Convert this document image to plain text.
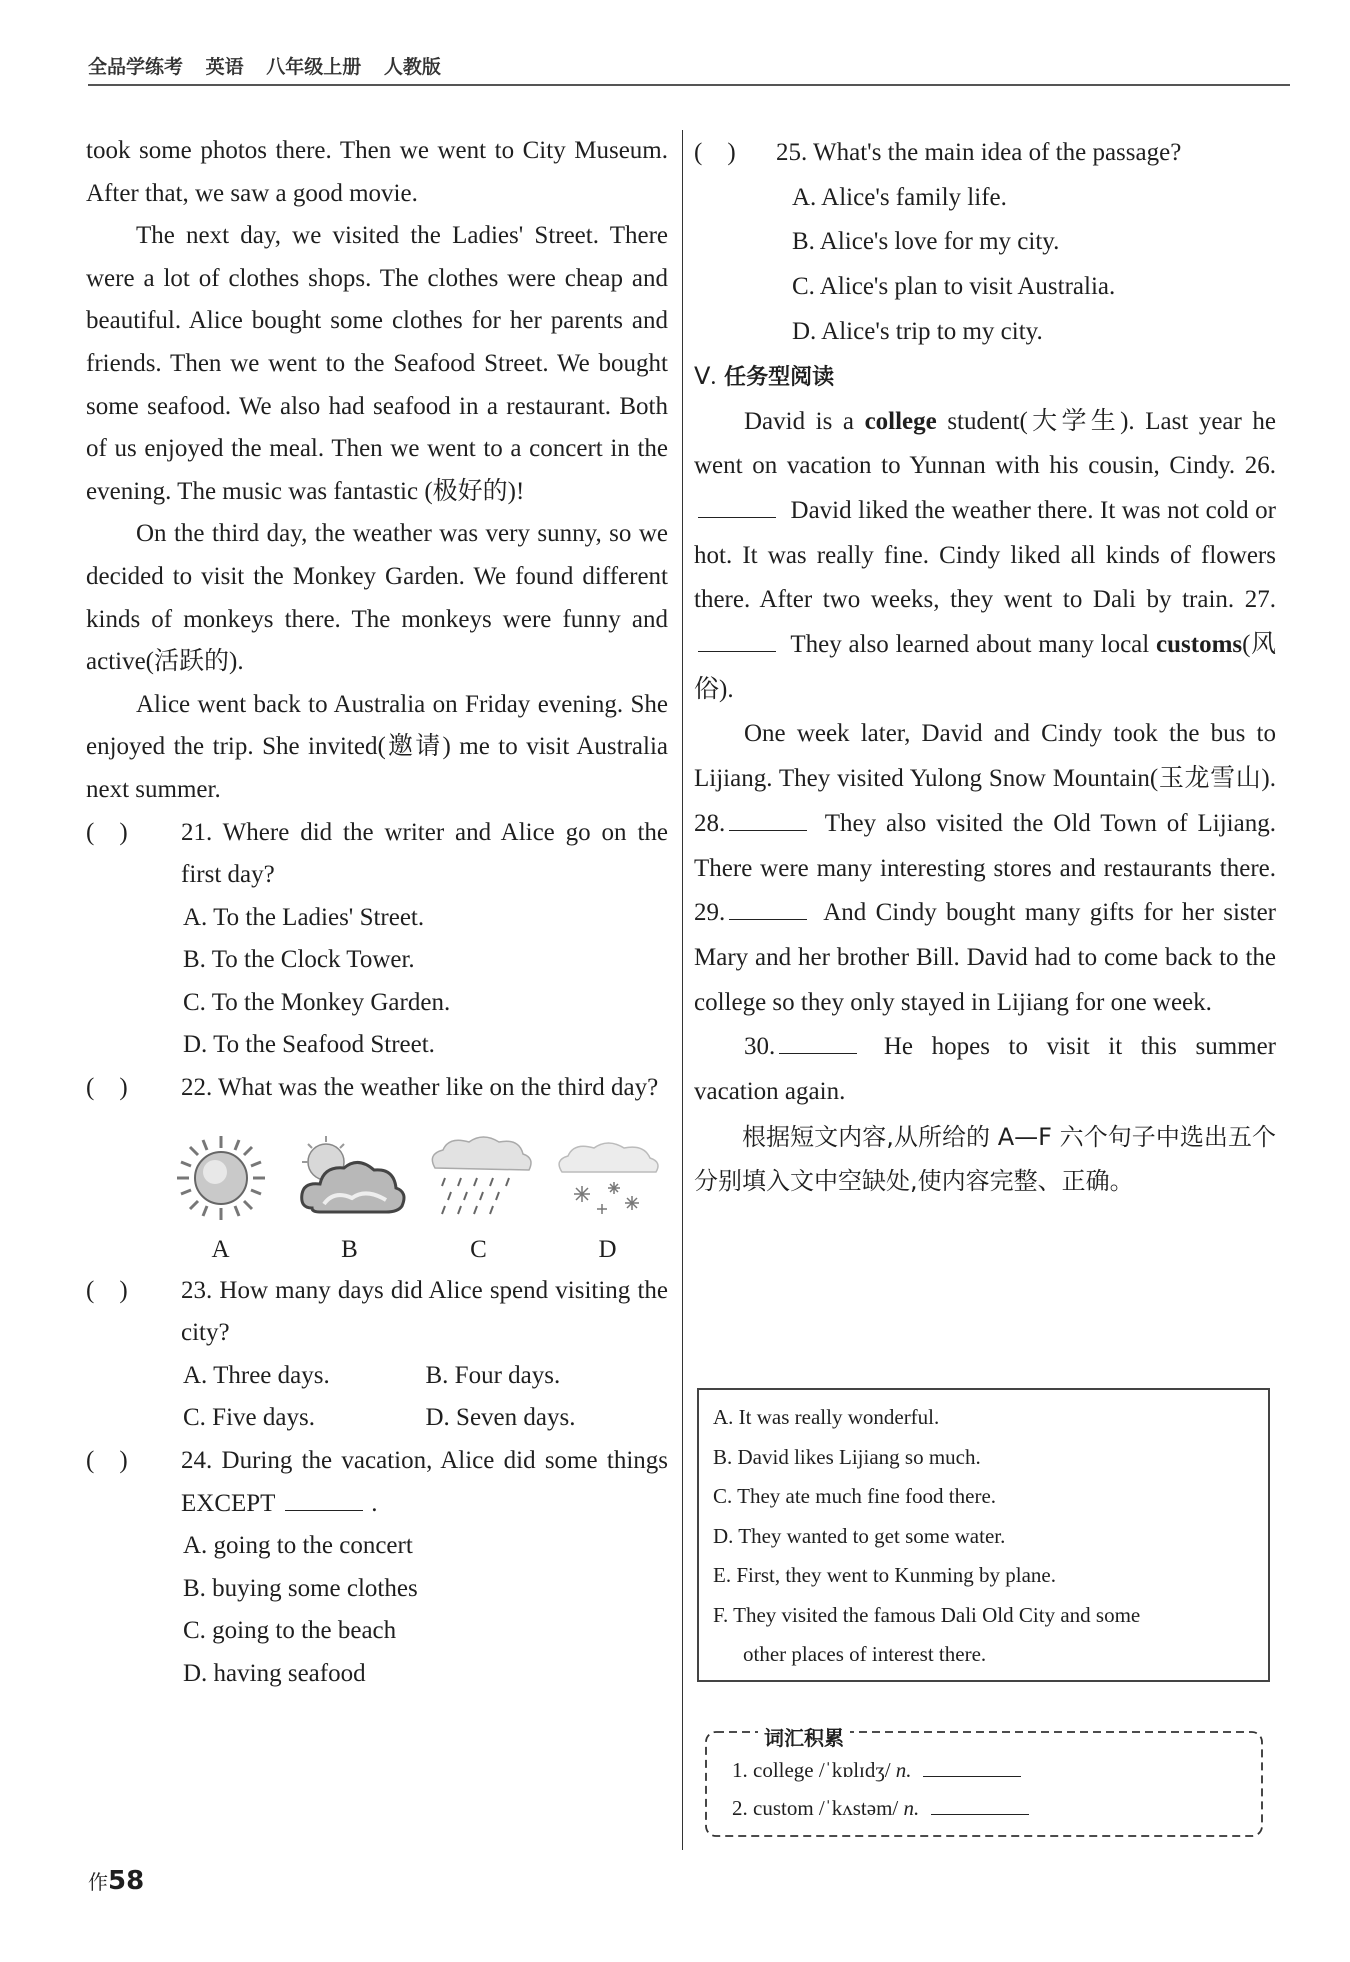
全品学练考 英语 八年级上册 人教版
took some photos there. Then we went to City Museum. After that, we saw a good movie.
The next day, we visited the Ladies' Street. There were a lot of clothes shops. The clothes were cheap and beautiful. Alice bought some clothes for her parents and friends. Then we went to the Seafood Street. We bought some seafood. We also had seafood in a restaurant. Both of us enjoyed the meal. Then we went to a concert in the evening. The music was fantastic (极好的)!
On the third day, the weather was very sunny, so we decided to visit the Monkey Garden. We found different kinds of monkeys there. The monkeys were funny and active(活跃的).
Alice went back to Australia on Friday evening. She enjoyed the trip. She invited(邀请) me to visit Australia next summer.
(    )	21. Where did the writer and Alice go on the first day?
A. To the Ladies' Street.
B. To the Clock Tower.
C. To the Monkey Garden.
D. To the Seafood Street.
(    )	22. What was the weather like on the third day?
A	B	C	D
(    )	23. How many days did Alice spend visiting the city?
A. Three days.	B. Four days.
C. Five days.	D. Seven days.
(    )	24. During the vacation, Alice did some things EXCEPT	.
A. going to the concert
B. buying some clothes
C. going to the beach
D. having seafood
(    )	25. What's the main idea of the passage?
A. Alice's family life.
B. Alice's love for my city.
C. Alice's plan to visit Australia.
D. Alice's trip to my city.
Ⅴ. 任务型阅读
David is a college student(大学生). Last year he went on vacation to Yunnan with his cousin, Cindy. 26. David liked the weather there. It was not cold or hot. It was really fine. Cindy liked all kinds of flowers there. After two weeks, they went to Dali by train. 27. They also learned about many local customs(风俗).
One week later, David and Cindy took the bus to Lijiang. They visited Yulong Snow Mountain(玉龙雪山). 28.	They also visited the Old Town of Lijiang. There were many interesting stores and restaurants there. 29.	And Cindy bought many gifts for her sister Mary and her brother Bill. David had to come back to the college so they only stayed in Lijiang for one week.
30.	He hopes to visit it this summer vacation again.
根据短文内容,从所给的 A—F 六个句子中选出五个分别填入文中空缺处,使内容完整、正确。
A. It was really wonderful.
B. David likes Lijiang so much.
C. They ate much fine food there.
D. They wanted to get some water.
E. First, they went to Kunming by plane.
F. They visited the famous Dali Old City and some
other places of interest there.
词汇积累
1. college /ˈkɒlɪdʒ/ n.
2. custom /ˈkʌstəm/ n.
作58
